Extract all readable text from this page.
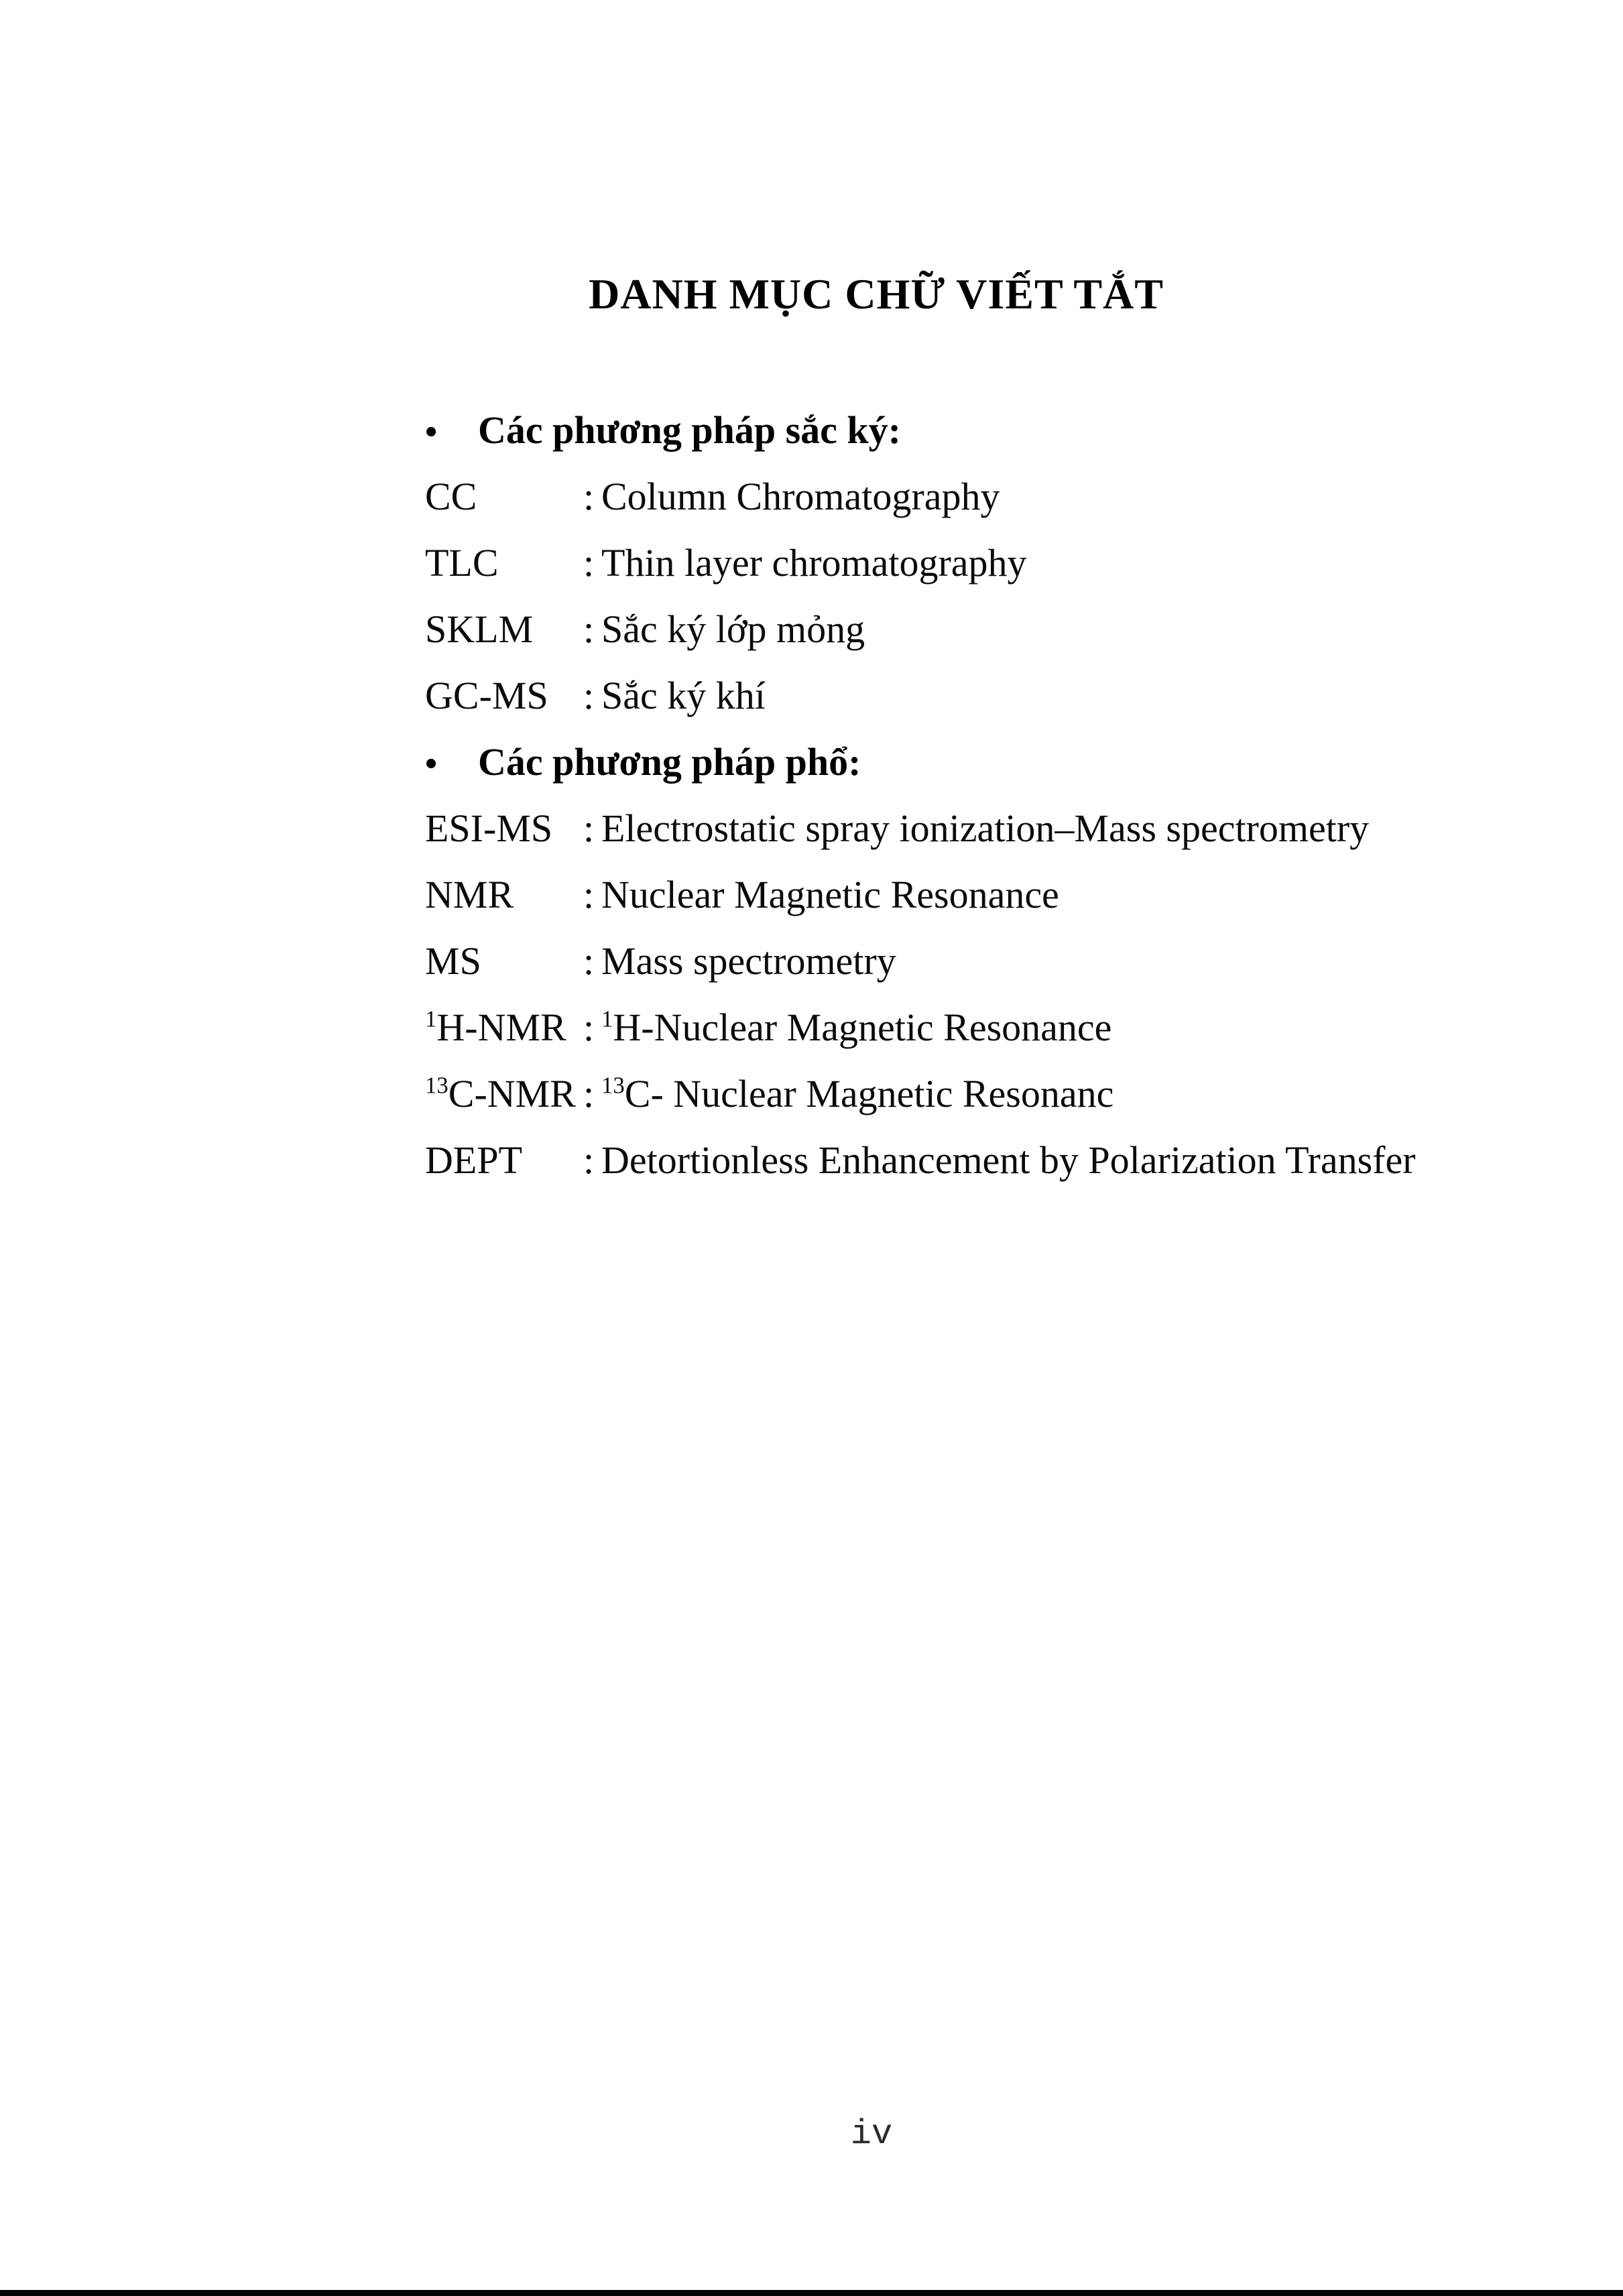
DANH MỤC CHỮ VIẾT TẮT
• Các phương pháp sắc ký:
CC	: Column Chromatography
TLC : Thin layer chromatography
SKLM : Sắc ký lớp mỏng
GC-MS : Sắc ký khí
• Các phương pháp phổ:
ESI-MS : Electrostatic spray ionization–Mass spectrometry
NMR : Nuclear Magnetic Resonance
MS	: Mass spectrometry
$^1$H-NMR : $^1$H-Nuclear Magnetic Resonance
$^{13}$C-NMR : $^{13}$C- Nuclear Magnetic Resonanc
DEPT : Detortionless Enhancement by Polarization Transfer
iv
